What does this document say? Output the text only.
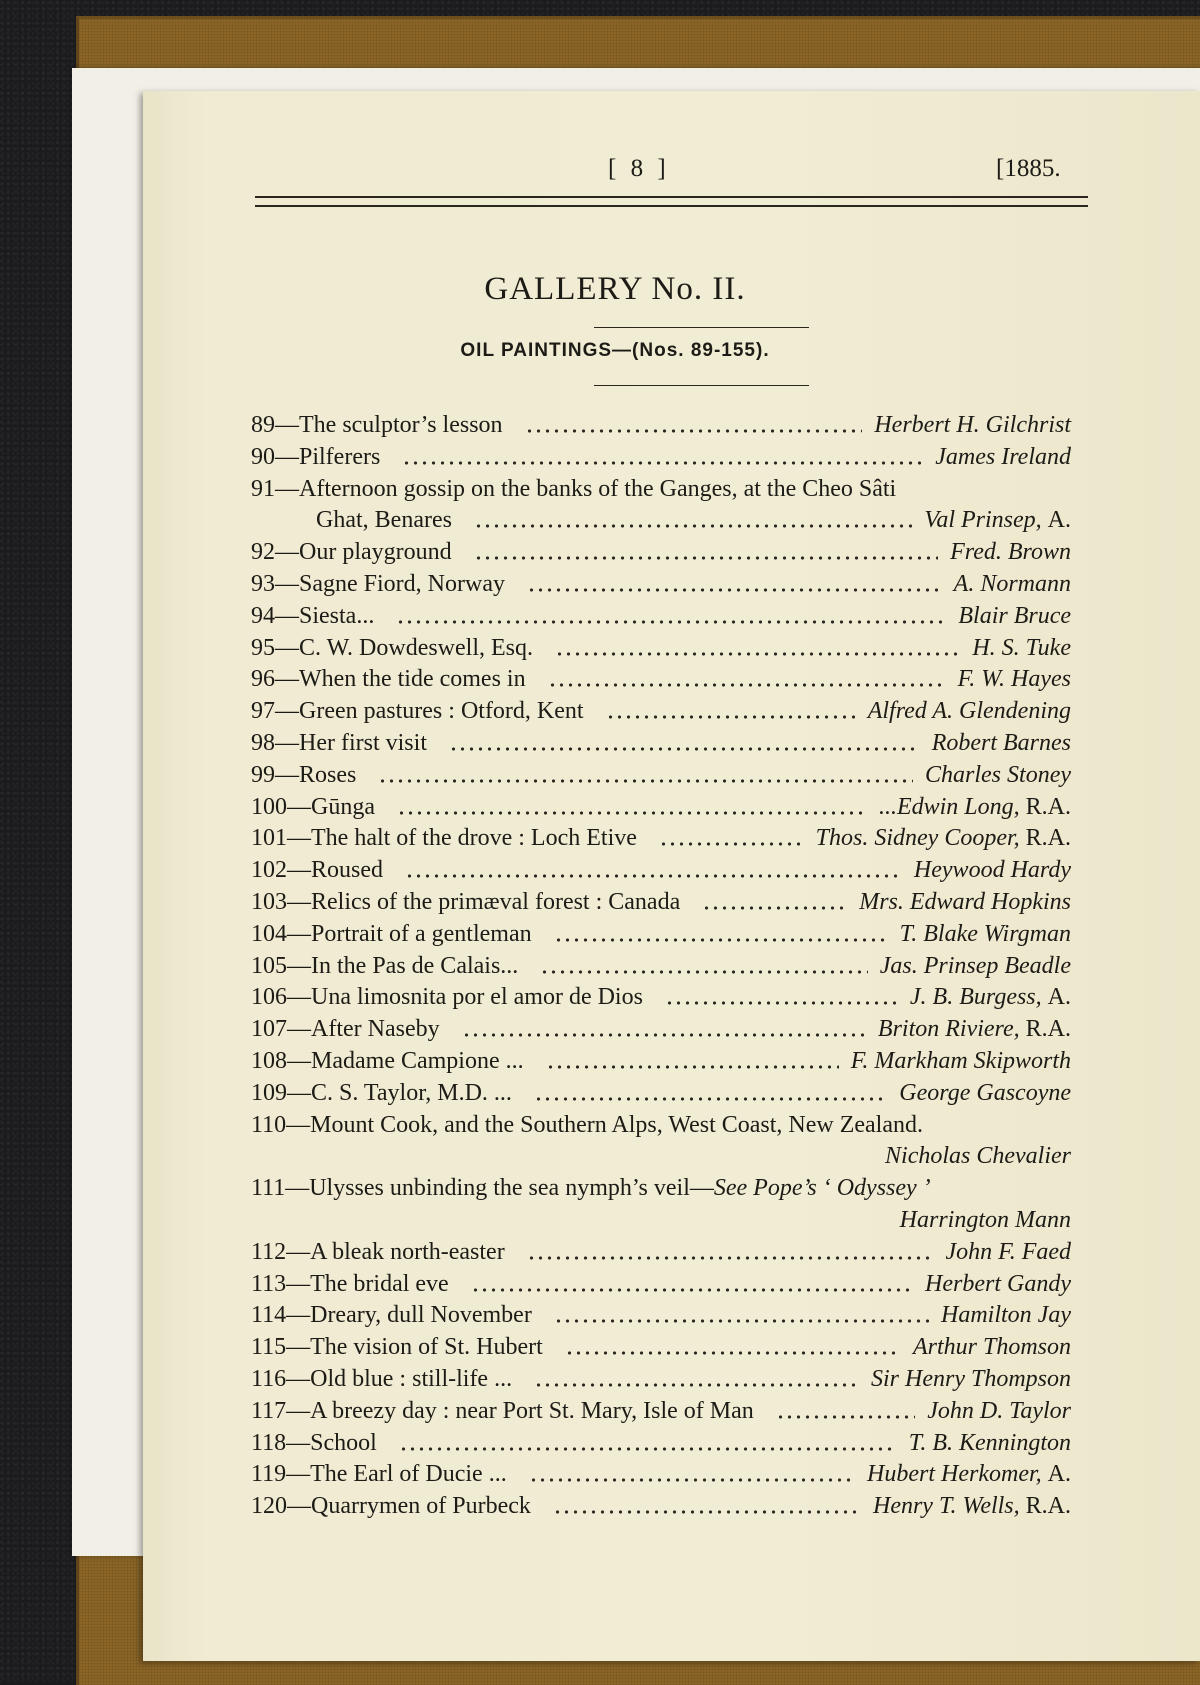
[ 8 ]	[1885.
GALLERY No. II.
OIL PAINTINGS—(Nos. 89-155).
89—The sculptor’s lesson	Herbert H. Gilchrist
90—Pilferers	James Ireland
91—Afternoon gossip on the banks of the Ganges, at the Cheo Sâti
Ghat, Benares	Val Prinsep, A.
92—Our playground	Fred. Brown
93—Sagne Fiord, Norway	A. Normann
94—Siesta...	Blair Bruce
95—C. W. Dowdeswell, Esq.	H. S. Tuke
96—When the tide comes in	F. W. Hayes
97—Green pastures : Otford, Kent	Alfred A. Glendening
98—Her first visit	Robert Barnes
99—Roses	Charles Stoney
100—Gūnga	...Edwin Long, R.A.
101—The halt of the drove : Loch Etive	Thos. Sidney Cooper, R.A.
102—Roused	Heywood Hardy
103—Relics of the primæval forest : Canada	Mrs. Edward Hopkins
104—Portrait of a gentleman	T. Blake Wirgman
105—In the Pas de Calais...	Jas. Prinsep Beadle
106—Una limosnita por el amor de Dios	J. B. Burgess, A.
107—After Naseby	Briton Riviere, R.A.
108—Madame Campione ...	F. Markham Skipworth
109—C. S. Taylor, M.D. ...	George Gascoyne
110—Mount Cook, and the Southern Alps, West Coast, New Zealand.
Nicholas Chevalier
111—Ulysses unbinding the sea nymph’s veil—See Pope’s ‘ Odyssey ’
Harrington Mann
112—A bleak north-easter	John F. Faed
113—The bridal eve	Herbert Gandy
114—Dreary, dull November	Hamilton Jay
115—The vision of St. Hubert	Arthur Thomson
116—Old blue : still-life ...	Sir Henry Thompson
117—A breezy day : near Port St. Mary, Isle of Man	John D. Taylor
118—School	T. B. Kennington
119—The Earl of Ducie ...	Hubert Herkomer, A.
120—Quarrymen of Purbeck	Henry T. Wells, R.A.
